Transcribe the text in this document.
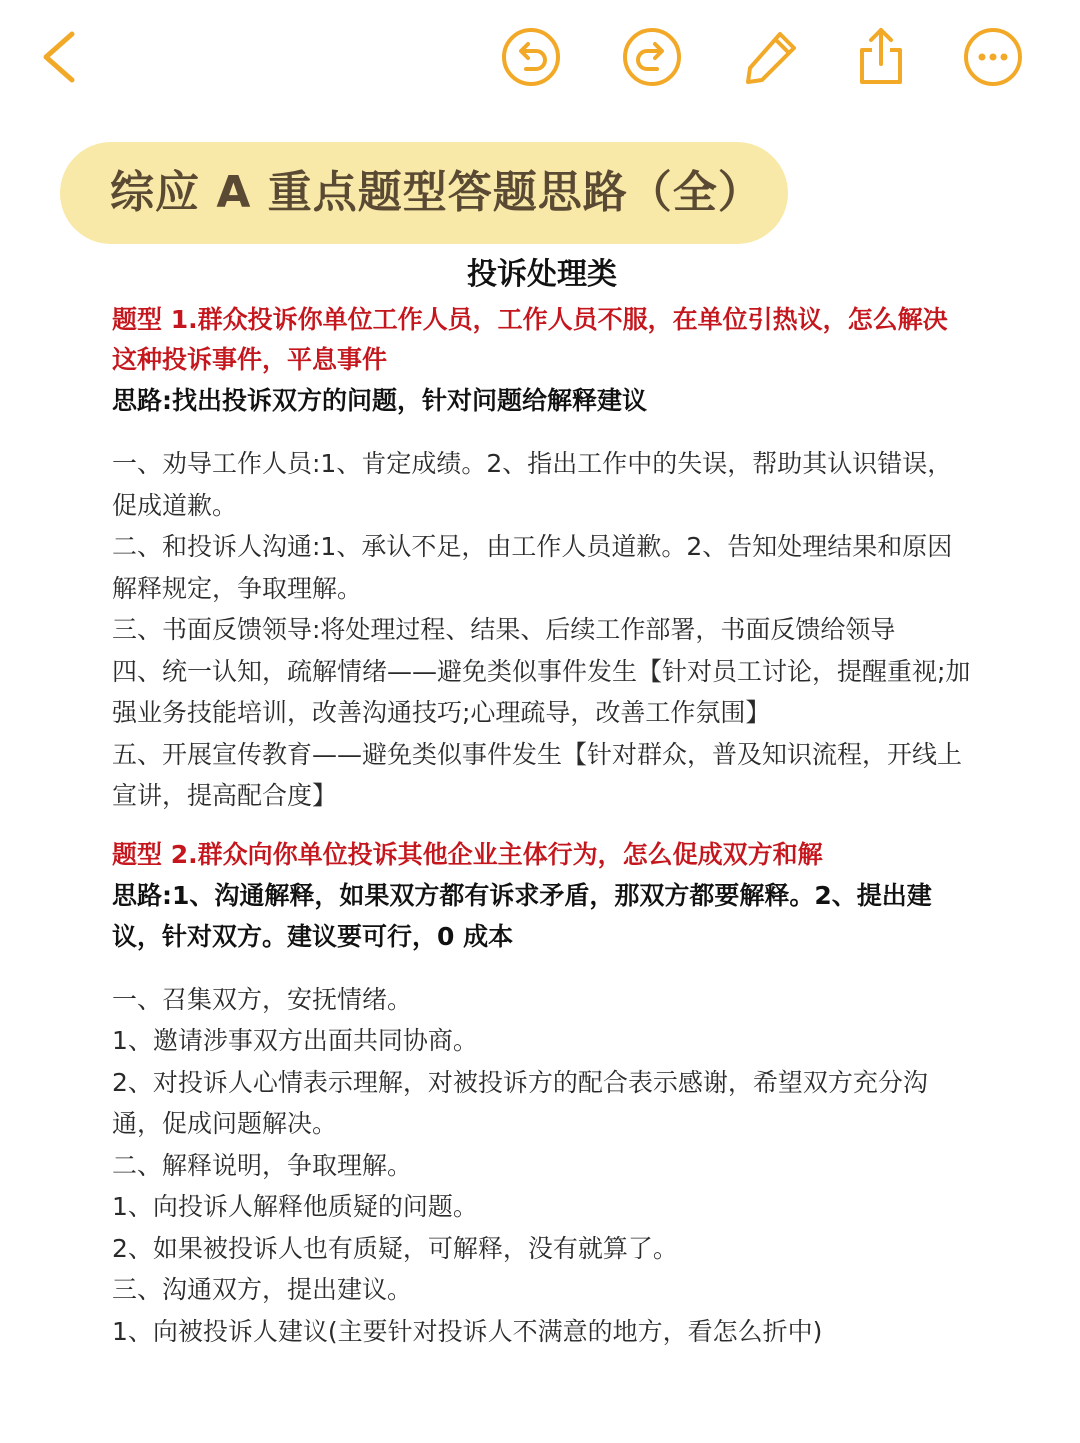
综应 A 重点题型答题思路（全）
投诉处理类

题型 1.群众投诉你单位工作人员，工作人员不服，在单位引热议，怎么解决这种投诉事件，平息事件

思路:找出投诉双方的问题，针对问题给解释建议

一、劝导工作人员:1、肯定成绩。2、指出工作中的失误，帮助其认识错误，促成道歉。

二、和投诉人沟通:1、承认不足，由工作人员道歉。2、告知处理结果和原因解释规定，争取理解。

三、书面反馈领导:将处理过程、结果、后续工作部署，书面反馈给领导

四、统一认知，疏解情绪——避免类似事件发生【针对员工讨论，提醒重视;加强业务技能培训，改善沟通技巧;心理疏导，改善工作氛围】

五、开展宣传教育——避免类似事件发生【针对群众，普及知识流程，开线上宣讲，提高配合度】

题型 2.群众向你单位投诉其他企业主体行为，怎么促成双方和解

思路:1、沟通解释，如果双方都有诉求矛盾，那双方都要解释。2、提出建议，针对双方。建议要可行，0 成本

一、召集双方，安抚情绪。

1、邀请涉事双方出面共同协商。

2、对投诉人心情表示理解，对被投诉方的配合表示感谢，希望双方充分沟通，促成问题解决。

二、解释说明，争取理解。

1、向投诉人解释他质疑的问题。

2、如果被投诉人也有质疑，可解释，没有就算了。

三、沟通双方，提出建议。

1、向被投诉人建议(主要针对投诉人不满意的地方，看怎么折中)
